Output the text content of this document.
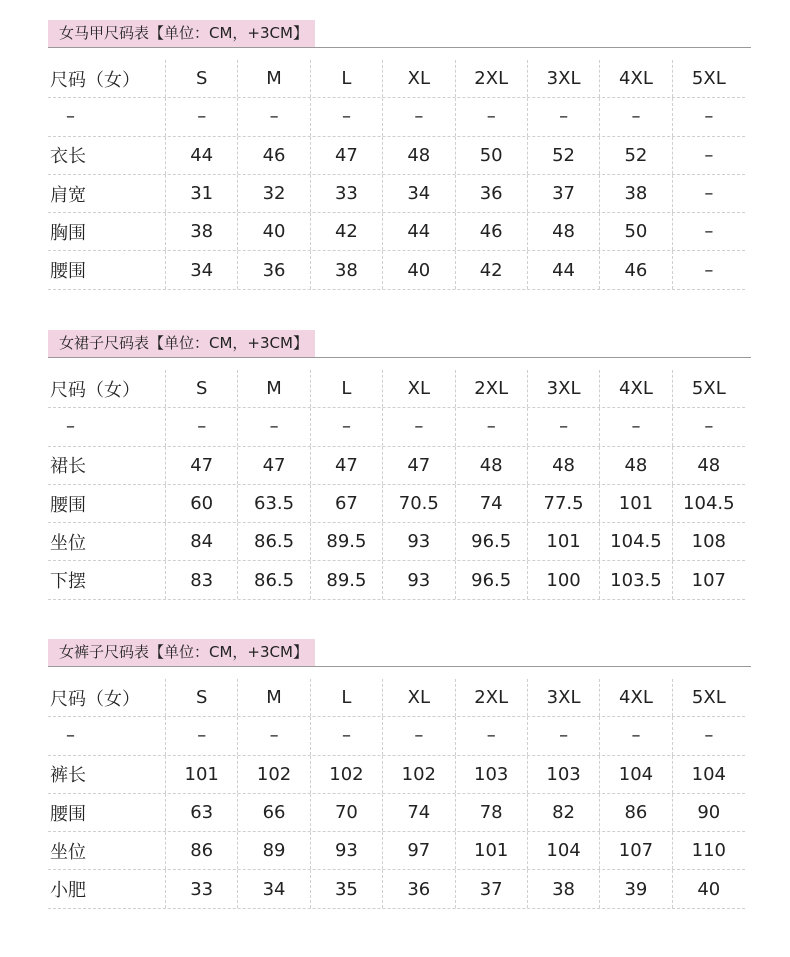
女马甲尺码表【单位：CM，+3CM】
尺码（女）	S	M	L	XL	2XL	3XL	4XL	5XL
–	–	–	–	–	–	–	–	–
衣长	44	46	47	48	50	52	52	–
肩宽	31	32	33	34	36	37	38	–
胸围	38	40	42	44	46	48	50	–
腰围	34	36	38	40	42	44	46	–
女裙子尺码表【单位：CM，+3CM】
尺码（女）	S	M	L	XL	2XL	3XL	4XL	5XL
–	–	–	–	–	–	–	–	–
裙长	47	47	47	47	48	48	48	48
腰围	60	63.5	67	70.5	74	77.5	101	104.5
坐位	84	86.5	89.5	93	96.5	101	104.5	108
下摆	83	86.5	89.5	93	96.5	100	103.5	107
女裤子尺码表【单位：CM，+3CM】
尺码（女）	S	M	L	XL	2XL	3XL	4XL	5XL
–	–	–	–	–	–	–	–	–
裤长	101	102	102	102	103	103	104	104
腰围	63	66	70	74	78	82	86	90
坐位	86	89	93	97	101	104	107	110
小肥	33	34	35	36	37	38	39	40
